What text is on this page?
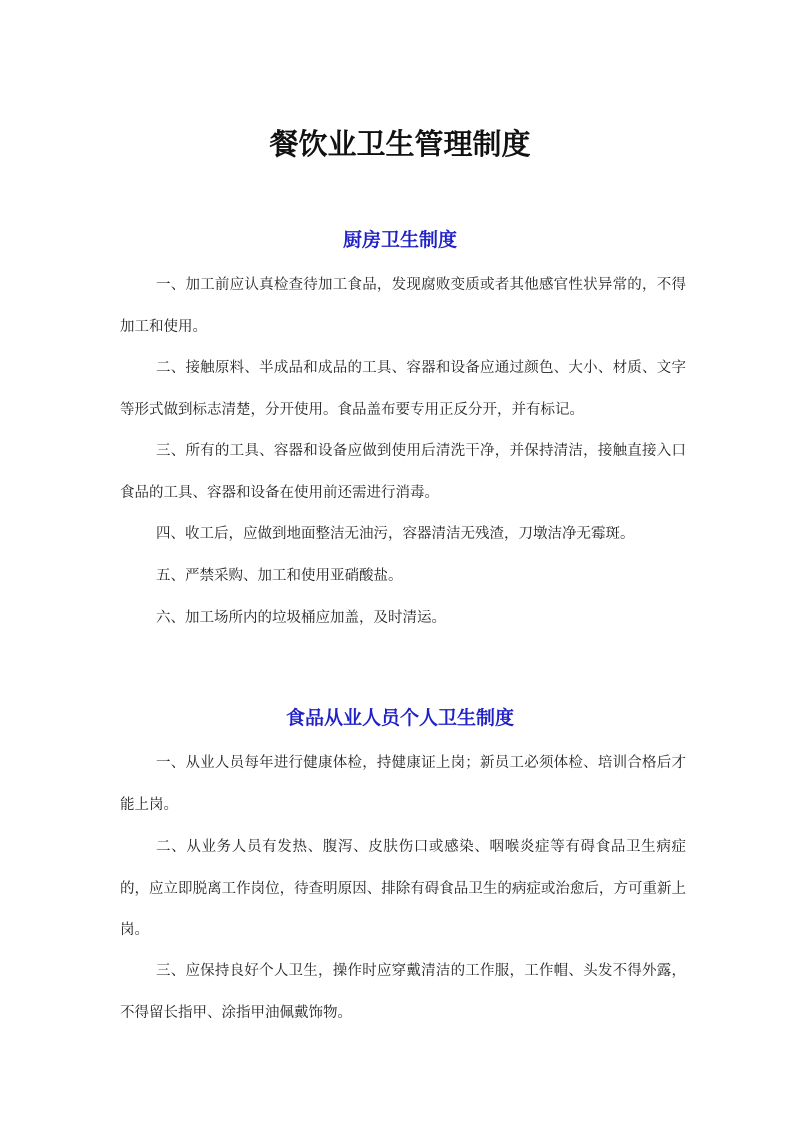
餐饮业卫生管理制度
厨房卫生制度

一、加工前应认真检查待加工食品，发现腐败变质或者其他感官性状异常的，不得加工和使用。

二、接触原料、半成品和成品的工具、容器和设备应通过颜色、大小、材质、文字等形式做到标志清楚，分开使用。食品盖布要专用正反分开，并有标记。

三、所有的工具、容器和设备应做到使用后清洗干净，并保持清洁，接触直接入口食品的工具、容器和设备在使用前还需进行消毒。

四、收工后，应做到地面整洁无油污，容器清洁无残渣，刀墩洁净无霉斑。

五、严禁采购、加工和使用亚硝酸盐。

六、加工场所内的垃圾桶应加盖，及时清运。

食品从业人员个人卫生制度

一、从业人员每年进行健康体检，持健康证上岗；新员工必须体检、培训合格后才能上岗。

二、从业务人员有发热、腹泻、皮肤伤口或感染、咽喉炎症等有碍食品卫生病症的，应立即脱离工作岗位，待查明原因、排除有碍食品卫生的病症或治愈后，方可重新上岗。

三、应保持良好个人卫生，操作时应穿戴清洁的工作服，工作帽、头发不得外露，不得留长指甲、涂指甲油佩戴饰物。
